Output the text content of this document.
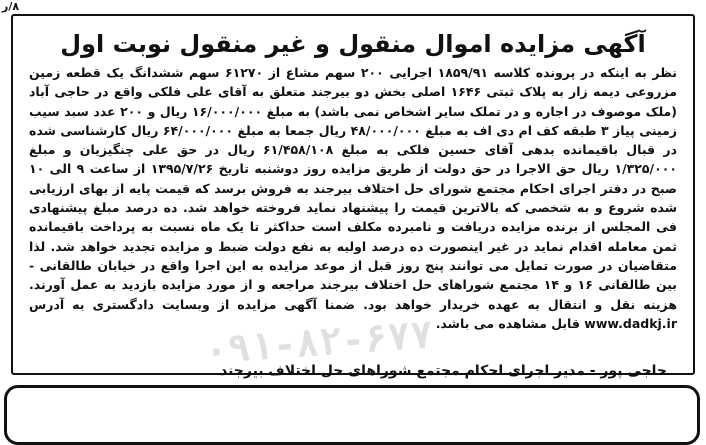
۸/ر
آگهی مزایده اموال منقول و غیر منقول نوبت اول
نظر به اینکه در پرونده کلاسه ۱۸۵۹/۹۱ اجرایی ۲۰۰ سهم مشاع از ۶۱۲۷۰ سهم ششدانگ یک قطعه زمین مزروعی دیمه زار به پلاک ثبتی ۱۶۴۶ اصلی بخش دو بیرجند متعلق به آقای علی فلکی واقع در حاجی آباد (ملک موصوف در اجاره و در تملک سایر اشخاص نمی باشد) به مبلغ ۱۶/۰۰۰/۰۰۰ ریال و ۲۰۰ عدد سبد سیب زمینی پیاز ۳ طبقه کف ام دی اف به مبلغ ۴۸/۰۰۰/۰۰۰ ریال جمعا به مبلغ ۶۴/۰۰۰/۰۰۰ ریال کارشناسی شده در قبال باقیمانده بدهی آقای حسین فلکی به مبلغ ۶۱/۴۵۸/۱۰۸ ریال در حق علی چنگیزیان و مبلغ ۱/۳۲۵/۰۰۰ ریال حق الاجرا در حق دولت از طریق مزایده روز دوشنبه تاریخ ۱۳۹۵/۷/۲۶ از ساعت ۹ الی ۱۰ صبح در دفتر اجرای احکام مجتمع شورای حل اختلاف بیرجند به فروش برسد که قیمت پایه از بهای ارزیابی شده شروع و به شخصی که بالاترین قیمت را پیشنهاد نماید فروخته خواهد شد. ده درصد مبلغ پیشنهادی فی المجلس از برنده مزایده دریافت و نامبرده مکلف است حداکثر تا یک ماه نسبت به پرداخت باقیمانده ثمن معامله اقدام نماید در غیر اینصورت ده درصد اولیه به نفع دولت ضبط و مزایده تجدید خواهد شد. لذا متقاضیان در صورت تمایل می توانند پنج روز قبل از موعد مزایده به این اجرا واقع در خیابان طالقانی - بین طالقانی ۱۶ و ۱۴ مجتمع شوراهای حل اختلاف بیرجند مراجعه و از مورد مزایده بازدید به عمل آورند. هزینه نقل و انتقال به عهده خریدار خواهد بود. ضمنا آگهی مزایده از وبسایت دادگستری به آدرس www.dadkj.ir قابل مشاهده می باشد.
حاجی پور - مدیر اجرای احکام مجتمع شوراهای حل اختلاف بیرجند
